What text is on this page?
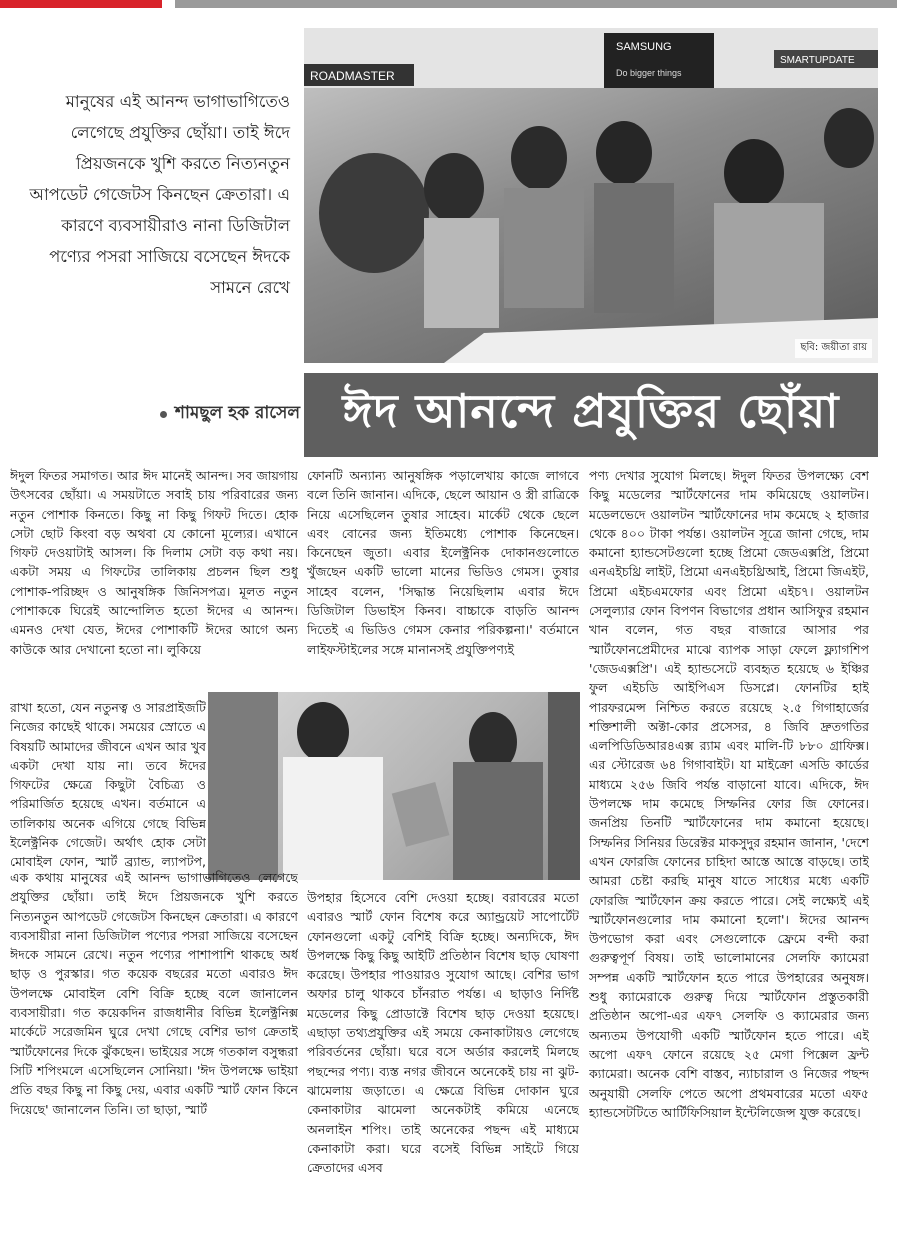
মানুষের এই আনন্দ ভাগাভাগিতেও লেগেছে প্রযুক্তির ছোঁয়া। তাই ঈদে প্রিয়জনকে খুশি করতে নিত্যনতুন আপডেট গেজেটস কিনছেন ক্রেতারা। এ কারণে ব্যবসায়ীরাও নানা ডিজিটাল পণ্যের পসরা সাজিয়ে বসেছেন ঈদকে সামনে রেখে
ROADMASTER
SAMSUNG
Do bigger things
SMARTUPDATE
ছবি: জয়ীতা রায়
শামছুল হক রাসেল ঈদ আনন্দে প্রযুক্তির ছোঁয়া
ঈদুল ফিতর সমাগত। আর ঈদ মানেই আনন্দ। সব জায়গায় উৎসবের ছোঁয়া। এ সময়টাতে সবাই চায় পরিবারের জন্য নতুন পোশাক কিনতে। কিছু না কিছু গিফট দিতে। হোক সেটা ছোট কিংবা বড় অথবা যে কোনো মূল্যের। এখানে গিফট দেওয়াটাই আসল। কি দিলাম সেটা বড় কথা নয়। একটা সময় এ গিফটের তালিকায় প্রচলন ছিল শুধু পোশাক-পরিচ্ছদ ও আনুষঙ্গিক জিনিসপত্র। মূলত নতুন পোশাককে ঘিরেই আন্দোলিত হতো ঈদের এ আনন্দ। এমনও দেখা যেত, ঈদের পোশাকটি ঈদের আগে অন্য কাউকে আর দেখানো হতো না। লুকিয়ে
রাখা হতো, যেন নতুনত্ব ও সারপ্রাইজটি নিজের কাছেই থাকে। সময়ের স্রোতে এ বিষয়টি আমাদের জীবনে এখন আর খুব একটা দেখা যায় না। তবে ঈদের গিফটের ক্ষেত্রে কিছুটা বৈচিত্র্য ও পরিমার্জিত হয়েছে এখন। বর্তমানে এ তালিকায় অনেক এগিয়ে গেছে বিভিন্ন ইলেক্ট্রনিক গেজেট। অর্থাৎ হোক সেটা মোবাইল ফোন, স্মার্ট ব্র্যান্ড, ল্যাপটপ,
এক কথায় মানুষের এই আনন্দ ভাগাভাগিতেও লেগেছে প্রযুক্তির ছোঁয়া। তাই ঈদে প্রিয়জনকে খুশি করতে নিত্যনতুন আপডেট গেজেটস কিনছেন ক্রেতারা। এ কারণে ব্যবসায়ীরা নানা ডিজিটাল পণ্যের পসরা সাজিয়ে বসেছেন ঈদকে সামনে রেখে। নতুন পণ্যের পাশাপাশি থাকছে অর্ধ ছাড় ও পুরস্কার। গত কয়েক বছরের মতো এবারও ঈদ উপলক্ষে মোবাইল বেশি বিক্রি হচ্ছে বলে জানালেন ব্যবসায়ীরা। গত কয়েকদিন রাজধানীর বিভিন্ন ইলেক্ট্রনিক্স মার্কেটে সরেজমিন ঘুরে দেখা গেছে বেশির ভাগ ক্রেতাই স্মার্টফোনের দিকে ঝুঁকছেন। ভাইয়ের সঙ্গে গতকাল বসুন্ধরা সিটি শপিংমলে এসেছিলেন সোনিয়া। 'ঈদ উপলক্ষে ভাইয়া প্রতি বছর কিছু না কিছু দেয়, এবার একটি স্মার্ট ফোন কিনে দিয়েছে' জানালেন তিনি। তা ছাড়া, স্মার্ট
ফোনটি অন্যান্য আনুষঙ্গিক পড়ালেখায় কাজে লাগবে বলে তিনি জানান। এদিকে, ছেলে আয়ান ও স্ত্রী রাত্রিকে নিয়ে এসেছিলেন তুষার সাহেব। মার্কেট থেকে ছেলে এবং বোনের জন্য ইতিমধ্যে পোশাক কিনেছেন। কিনেছেন জুতা। এবার ইলেক্ট্রনিক দোকানগুলোতে খুঁজছেন একটি ভালো মানের ভিডিও গেমস। তুষার সাহেব বলেন, 'সিদ্ধান্ত নিয়েছিলাম এবার ঈদে ডিজিটাল ডিভাইস কিনব। বাচ্চাকে বাড়তি আনন্দ দিতেই এ ভিডিও গেমস কেনার পরিকল্পনা।' বর্তমানে লাইফস্টাইলের সঙ্গে মানানসই প্রযুক্তিপণ্যই
উপহার হিসেবে বেশি দেওয়া হচ্ছে। বরাবরের মতো এবারও স্মার্ট ফোন বিশেষ করে অ্যান্ড্রয়েট সাপোর্টেট ফোনগুলো একটু বেশিই বিক্রি হচ্ছে। অন্যদিকে, ঈদ উপলক্ষে কিছু কিছু আইটি প্রতিষ্ঠান বিশেষ ছাড় ঘোষণা করেছে। উপহার পাওয়ারও সুযোগ আছে। বেশির ভাগ অফার চালু থাকবে চাঁনরাত পর্যন্ত। এ ছাড়াও নির্দিষ্ট মডেলের কিছু প্রোডাক্টে বিশেষ ছাড় দেওয়া হয়েছে। এছাড়া তথ্যপ্রযুক্তির এই সময়ে কেনাকাটায়ও লেগেছে পরিবর্তনের ছোঁয়া। ঘরে বসে অর্ডার করলেই মিলছে পছন্দের পণ্য। ব্যস্ত নগর জীবনে অনেকেই চায় না ঝুট-ঝামেলায় জড়াতে। এ ক্ষেত্রে বিভিন্ন দোকান ঘুরে কেনাকাটার ঝামেলা অনেকটাই কমিয়ে এনেছে অনলাইন শপিং। তাই অনেকের পছন্দ এই মাধ্যমে কেনাকাটা করা। ঘরে বসেই বিভিন্ন সাইটে গিয়ে ক্রেতাদের এসব
পণ্য দেখার সুযোগ মিলছে। ঈদুল ফিতর উপলক্ষ্যে বেশ কিছু মডেলের স্মার্টফোনের দাম কমিয়েছে ওয়ালটন। মডেলভেদে ওয়ালটন স্মার্টফোনের দাম কমেছে ২ হাজার থেকে ৪০০ টাকা পর্যন্ত। ওয়ালটন সূত্রে জানা গেছে, দাম কমানো হ্যান্ডসেটগুলো হচ্ছে প্রিমো জেডএক্সপ্রি, প্রিমো এনএইচথ্রি লাইট, প্রিমো এনএইচথ্রিআই, প্রিমো জিএইট, প্রিমো এইচএমফোর এবং প্রিমো এইচ৭। ওয়ালটন সেলুল্যার ফোন বিপণন বিভাগের প্রধান আসিফুর রহমান খান বলেন, গত বছর বাজারে আসার পর স্মার্টফোনপ্রেমীদের মাঝে ব্যাপক সাড়া ফেলে ফ্ল্যাগশিপ 'জেডএক্সপ্রি'। এই হ্যান্ডসেটে ব্যবহৃত হয়েছে ৬ ইঞ্চির ফুল এইচডি আইপিএস ডিসপ্লে। ফোনটির হাই পারফরমেন্স নিশ্চিত করতে রয়েছে ২.৫ গিগাহার্জের শক্তিশালী অক্টা-কোর প্রসেসর, ৪ জিবি দ্রুতগতির এলপিডিডিআর৪এক্স র‍্যাম এবং মালি-টি ৮৮০ গ্রাফিক্স। এর স্টোরেজ ৬৪ গিগাবাইট। যা মাইক্রো এসডি কার্ডের মাধ্যমে ২৫৬ জিবি পর্যন্ত বাড়ানো যাবে। এদিকে, ঈদ উপলক্ষে দাম কমেছে সিম্ফনির ফোর জি ফোনের। জনপ্রিয় তিনটি স্মার্টফোনের দাম কমানো হয়েছে। সিম্ফনির সিনিয়র ডিরেক্টর মাকসুদুর রহমান জানান, 'দেশে এখন ফোরজি ফোনের চাহিদা আস্তে আস্তে বাড়ছে। তাই আমরা চেষ্টা করছি মানুষ যাতে সাধ্যের মধ্যে একটি ফোরজি স্মার্টফোন ক্রয় করতে পারে। সেই লক্ষ্যেই এই স্মার্টফোনগুলোর দাম কমানো হলো'। ঈদের আনন্দ উপভোগ করা এবং সেগুলোকে ফ্রেমে বন্দী করা গুরুত্বপূর্ণ বিষয়। তাই ভালোমানের সেলফি ক্যামেরা সম্পন্ন একটি স্মার্টফোন হতে পারে উপহারের অনুষঙ্গ। শুধু ক্যামেরাকে গুরুত্ব দিয়ে স্মার্টফোন প্রস্তুতকারী প্রতিষ্ঠান অপো-এর এফ৭ সেলফি ও ক্যামেরার জন্য অন্যতম উপযোগী একটি স্মার্টফোন হতে পারে। এই অপো এফ৭ ফোনে রয়েছে ২৫ মেগা পিক্সেল ফ্রন্ট ক্যামেরা। অনেক বেশি বাস্তব, ন্যাচারাল ও নিজের পছন্দ অনুযায়ী সেলফি পেতে অপো প্রথমবারের মতো এফ৫ হ্যান্ডসেটটিতে আর্টিফিসিয়াল ইন্টেলিজেন্স যুক্ত করেছে।
